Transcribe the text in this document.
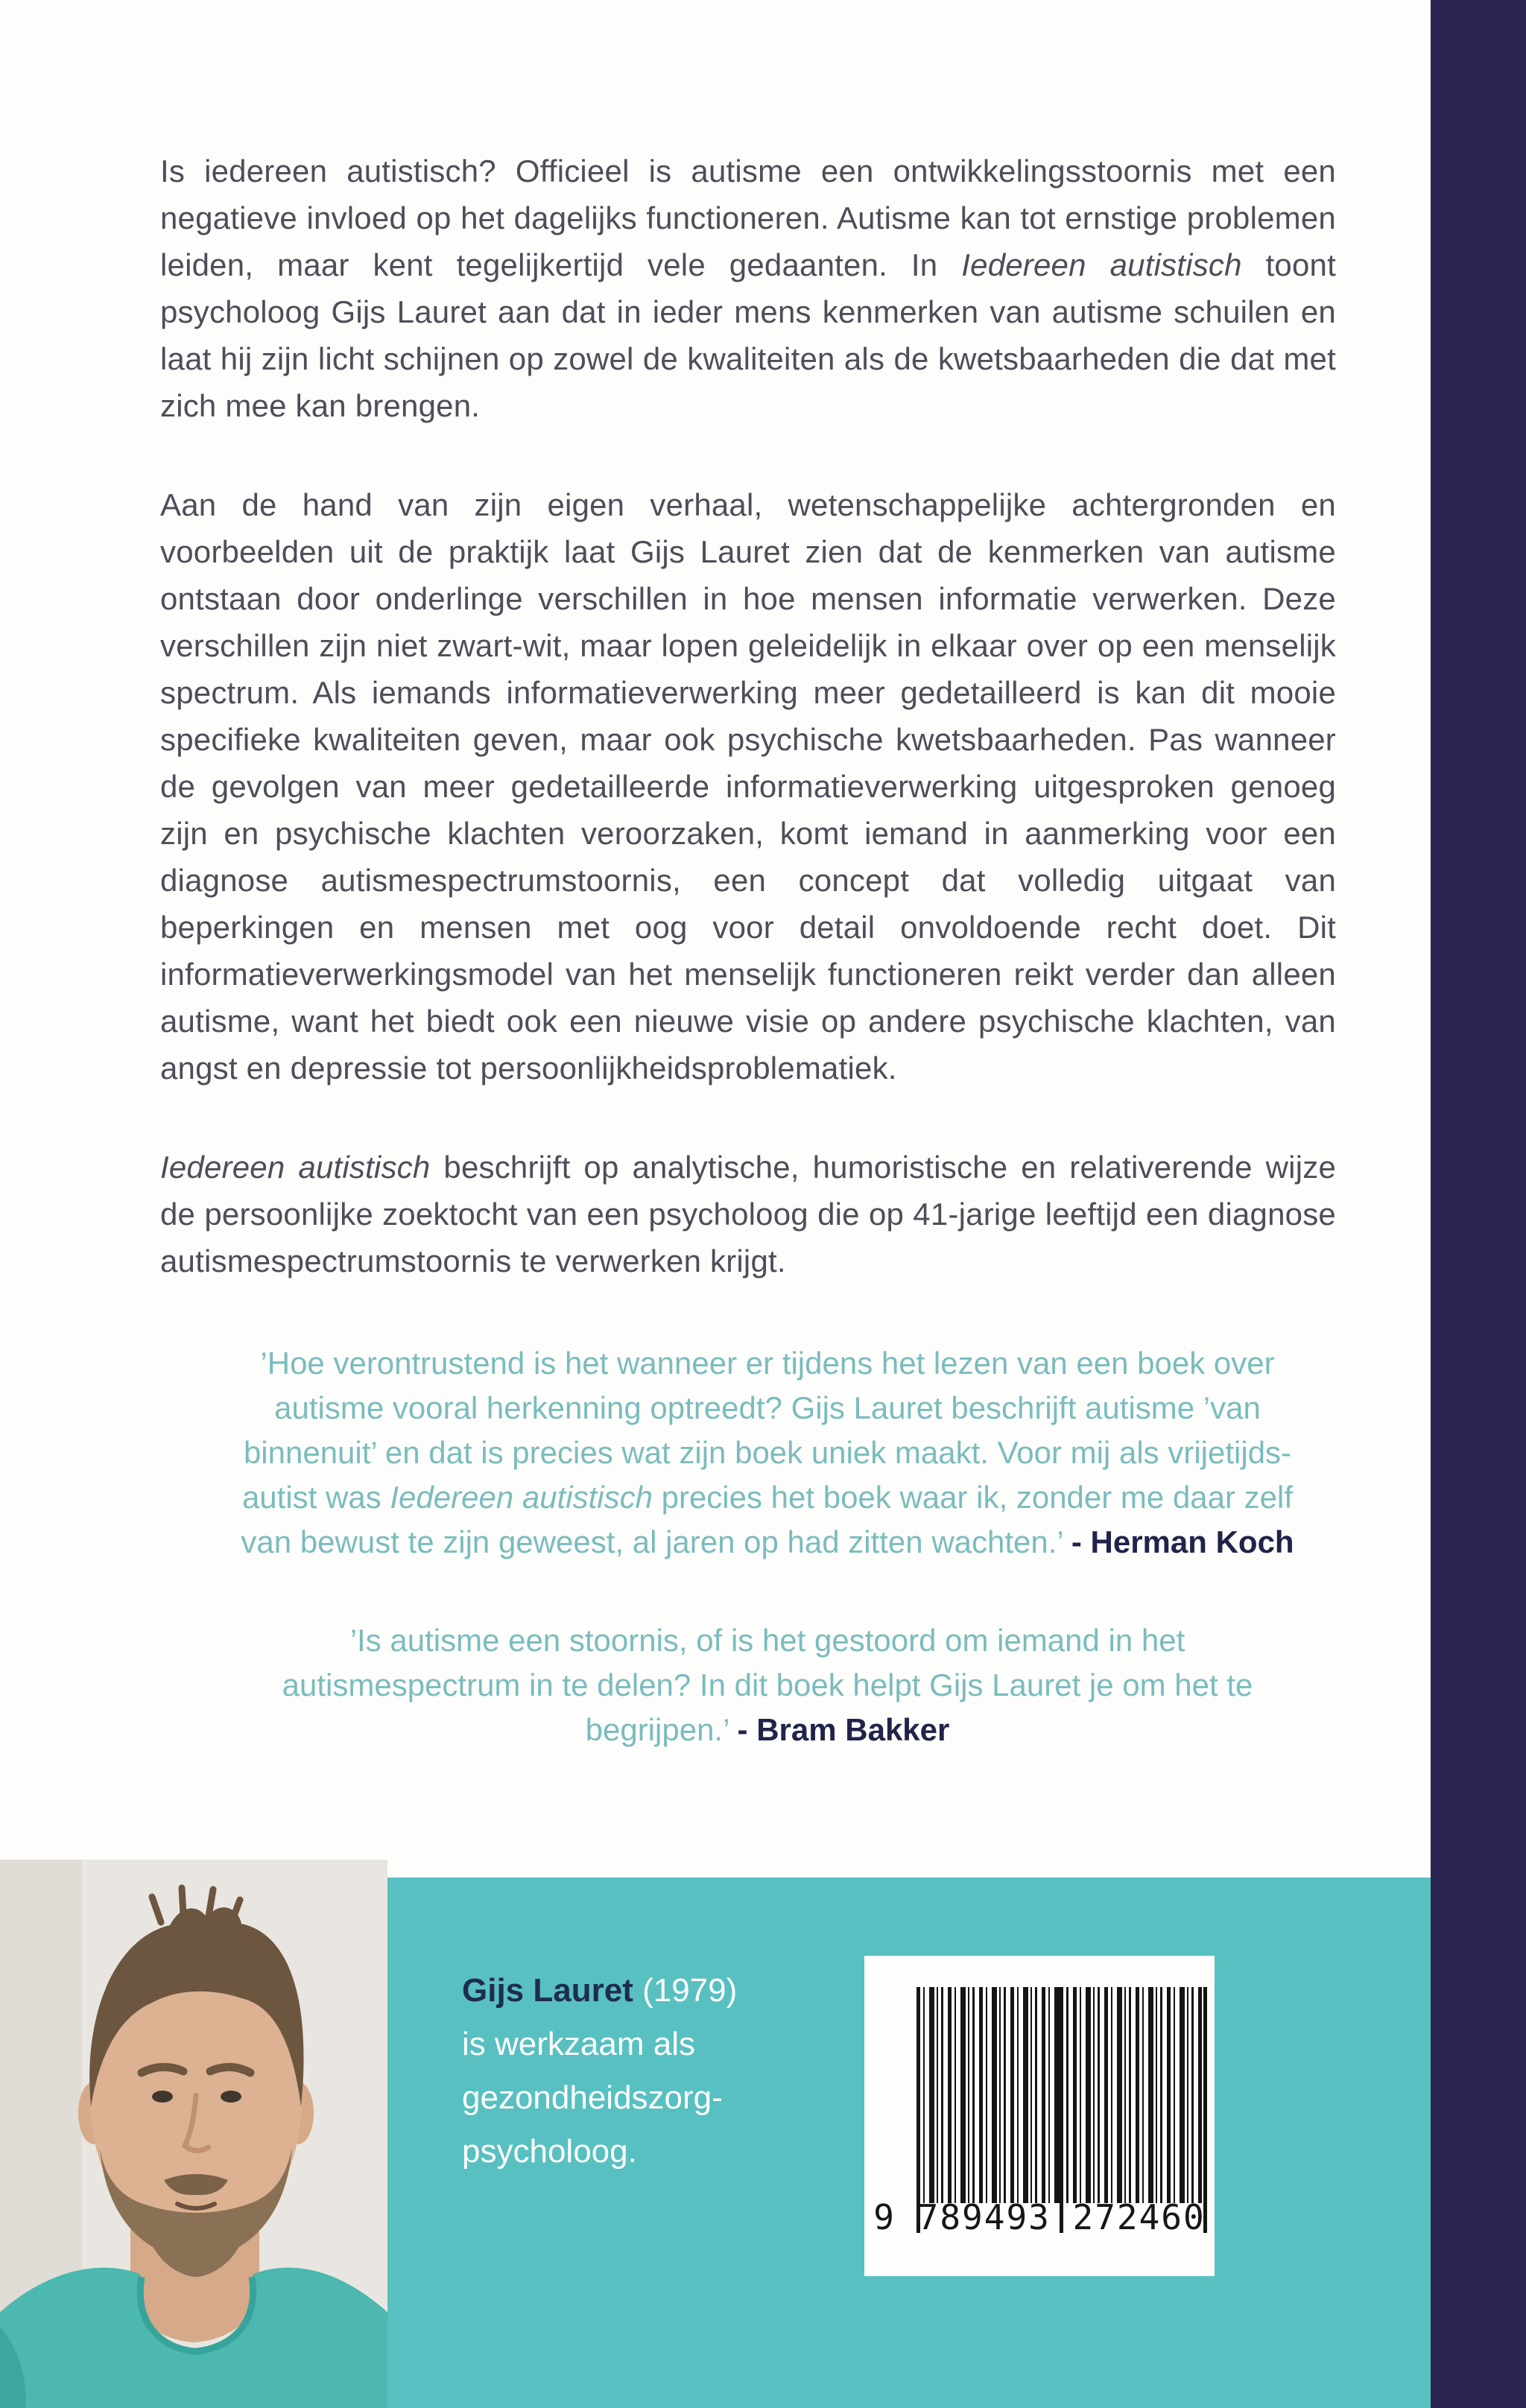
Is iedereen autistisch? Officieel is autisme een ontwikkelingsstoornis met een negatieve invloed op het dagelijks functioneren. Autisme kan tot ernstige problemen leiden, maar kent tegelijkertijd vele gedaanten. In Iedereen autistisch toont psycholoog Gijs Lauret aan dat in ieder mens kenmerken van autisme schuilen en laat hij zijn licht schijnen op zowel de kwaliteiten als de kwetsbaarheden die dat met zich mee kan brengen.

Aan de hand van zijn eigen verhaal, wetenschappelijke achtergronden en voorbeelden uit de praktijk laat Gijs Lauret zien dat de kenmerken van autisme ontstaan door onderlinge verschillen in hoe mensen informatie verwerken. Deze verschillen zijn niet zwart-wit, maar lopen geleidelijk in elkaar over op een menselijk spectrum. Als iemands informatieverwerking meer gedetailleerd is kan dit mooie specifieke kwaliteiten geven, maar ook psychische kwetsbaarheden. Pas wanneer de gevolgen van meer gedetailleerde informatieverwerking uitgesproken genoeg zijn en psychische klachten veroorzaken, komt iemand in aanmerking voor een diagnose autismespectrumstoornis, een concept dat volledig uitgaat van beperkingen en mensen met oog voor detail onvoldoende recht doet. Dit informatieverwerkingsmodel van het menselijk functioneren reikt verder dan alleen autisme, want het biedt ook een nieuwe visie op andere psychische klachten, van angst en depressie tot persoonlijkheidsproblematiek.

Iedereen autistisch beschrijft op analytische, humoristische en relativerende wijze de persoonlijke zoektocht van een psycholoog die op 41-jarige leeftijd een diagnose autismespectrumstoornis te verwerken krijgt.

’Hoe verontrustend is het wanneer er tijdens het lezen van een boek over autisme vooral herkenning optreedt? Gijs Lauret beschrijft autisme ’van binnenuit’ en dat is precies wat zijn boek uniek maakt. Voor mij als vrijetijds-autist was Iedereen autistisch precies het boek waar ik, zonder me daar zelf van bewust te zijn geweest, al jaren op had zitten wachten.’ - Herman Koch
’Is autisme een stoornis, of is het gestoord om iemand in het autismespectrum in te delen? In dit boek helpt Gijs Lauret je om het te begrijpen.’ - Bram Bakker
Gijs Lauret (1979)
is werkzaam als gezondheidszorg-psycholoog.
9 789493 272460
